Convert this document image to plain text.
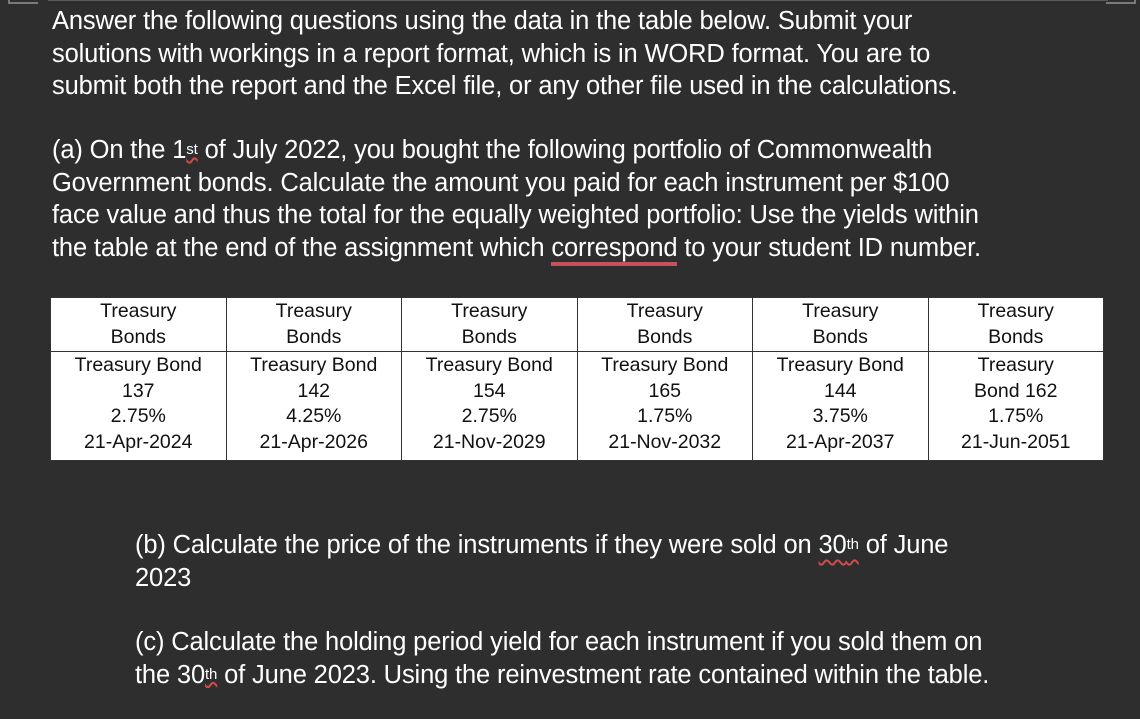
Answer the following questions using the data in the table below. Submit your
solutions with workings in a report format, which is in WORD format. You are to
submit both the report and the Excel file, or any other file used in the calculations.

(a) On the 1st of July 2022, you bought the following portfolio of Commonwealth
Government bonds. Calculate the amount you paid for each instrument per $100
face value and thus the total for the equally weighted portfolio: Use the yields within
the table at the end of the assignment which correspond to your student ID number.

Treasury
Bonds	Treasury
Bonds	Treasury
Bonds	Treasury
Bonds	Treasury
Bonds	Treasury
Bonds

Treasury Bond
137
2.75%
21-Apr-2024	Treasury Bond
142
4.25%
21-Apr-2026	Treasury Bond
154
2.75%
21-Nov-2029	Treasury Bond
165
1.75%
21-Nov-2032	Treasury Bond
144
3.75%
21-Apr-2037	Treasury
Bond 162
1.75%
21-Jun-2051

(b) Calculate the price of the instruments if they were sold on 30th of June
2023

(c) Calculate the holding period yield for each instrument if you sold them on
the 30th of June 2023. Using the reinvestment rate contained within the table.
